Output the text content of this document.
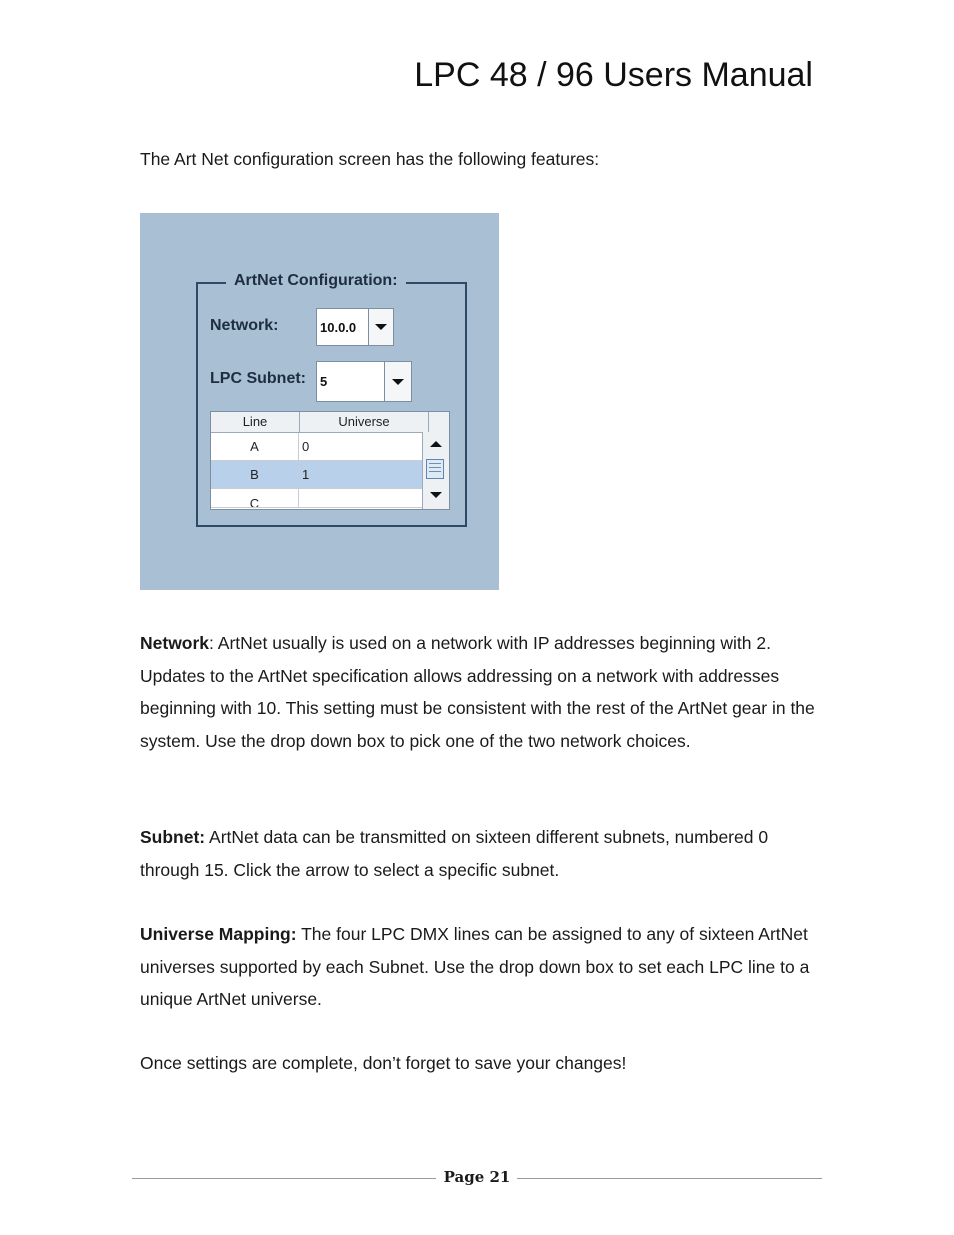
LPC 48 / 96 Users Manual
The Art Net configuration screen has the following features:
ArtNet Configuration:
Network:	10.0.0
LPC Subnet: 5
Line	Universe
A	0
B	1
C
Network: ArtNet usually is used on a network with IP addresses beginning with 2. Updates to the ArtNet specification allows addressing on a network with addresses beginning with 10. This setting must be consistent with the rest of the ArtNet gear in the system. Use the drop down box to pick one of the two network choices.
Subnet: ArtNet data can be transmitted on sixteen different subnets, numbered 0 through 15. Click the arrow to select a specific subnet.
Universe Mapping: The four LPC DMX lines can be assigned to any of sixteen ArtNet universes supported by each Subnet. Use the drop down box to set each LPC line to a unique ArtNet universe.
Once settings are complete, don’t forget to save your changes!
Page 21
